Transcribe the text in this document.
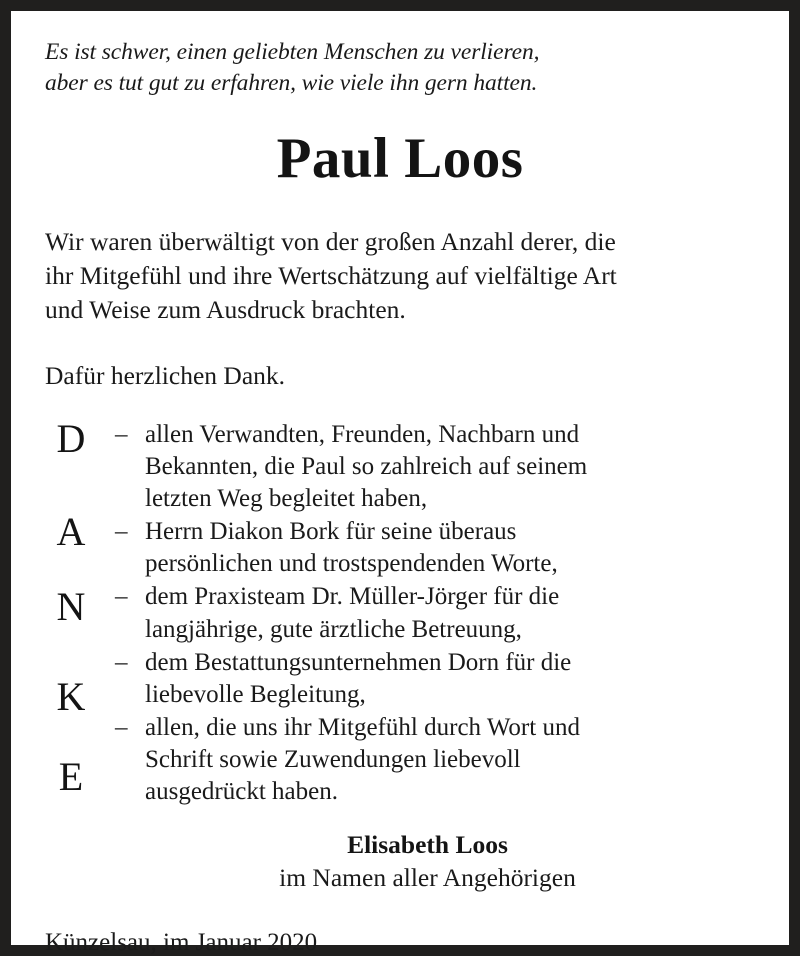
Es ist schwer, einen geliebten Menschen zu verlieren,
aber es tut gut zu erfahren, wie viele ihn gern hatten.
Paul Loos

Wir waren überwältigt von der großen Anzahl derer, die
ihr Mitgefühl und ihre Wertschätzung auf vielfältige Art
und Weise zum Ausdruck brachten.

Dafür herzlichen Dank.

D
A
N
K
E
– allen Verwandten, Freunden, Nachbarn und
Bekannten, die Paul so zahlreich auf seinem
letzten Weg begleitet haben,
– Herrn Diakon Bork für seine überaus
persönlichen und trostspendenden Worte,
– dem Praxisteam Dr. Müller-Jörger für die
langjährige, gute ärztliche Betreuung,
– dem Bestattungsunternehmen Dorn für die
liebevolle Begleitung,
– allen, die uns ihr Mitgefühl durch Wort und
Schrift sowie Zuwendungen liebevoll
ausgedrückt haben.
Elisabeth Loos
im Namen aller Angehörigen
Künzelsau, im Januar 2020
